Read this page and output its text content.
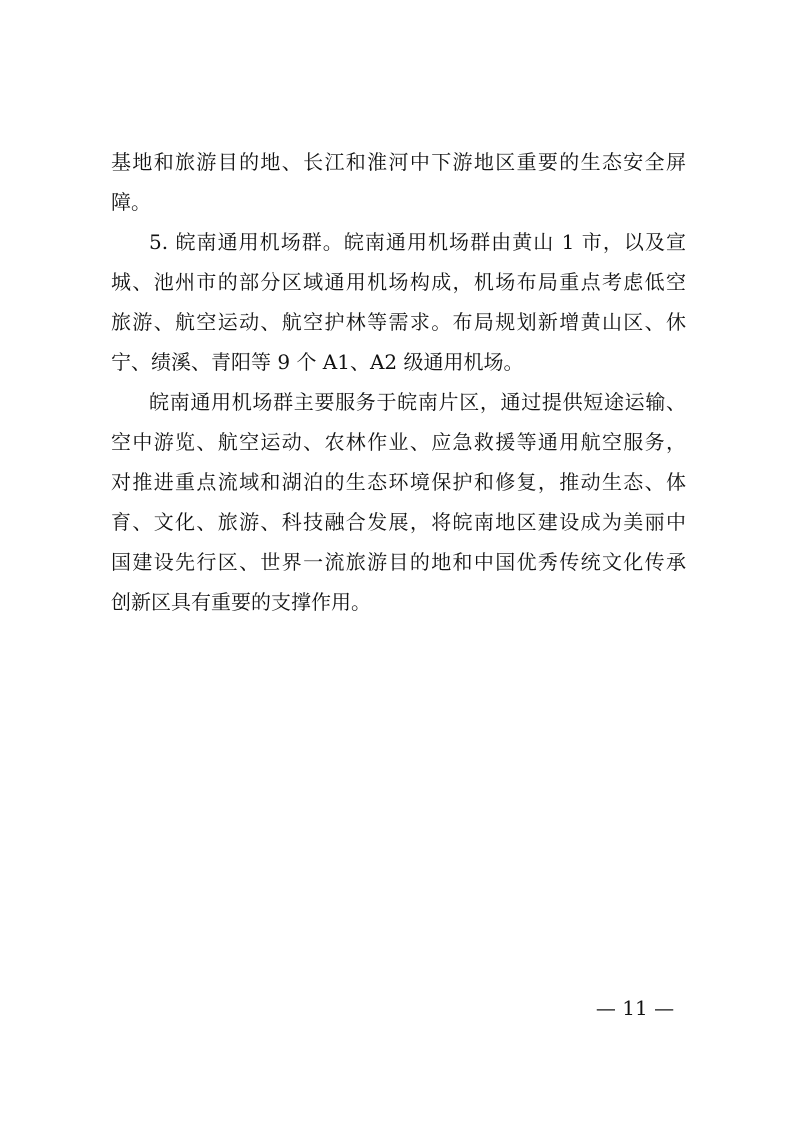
基地和旅游目的地、长江和淮河中下游地区重要的生态安全屏
障。
5. 皖南通用机场群。皖南通用机场群由黄山 1 市，以及宣
城、池州市的部分区域通用机场构成，机场布局重点考虑低空
旅游、航空运动、航空护林等需求。布局规划新增黄山区、休
宁、绩溪、青阳等 9 个 A1、A2 级通用机场。
皖南通用机场群主要服务于皖南片区，通过提供短途运输、
空中游览、航空运动、农林作业、应急救援等通用航空服务，
对推进重点流域和湖泊的生态环境保护和修复，推动生态、体
育、文化、旅游、科技融合发展，将皖南地区建设成为美丽中
国建设先行区、世界一流旅游目的地和中国优秀传统文化传承
创新区具有重要的支撑作用。
— 11 —
